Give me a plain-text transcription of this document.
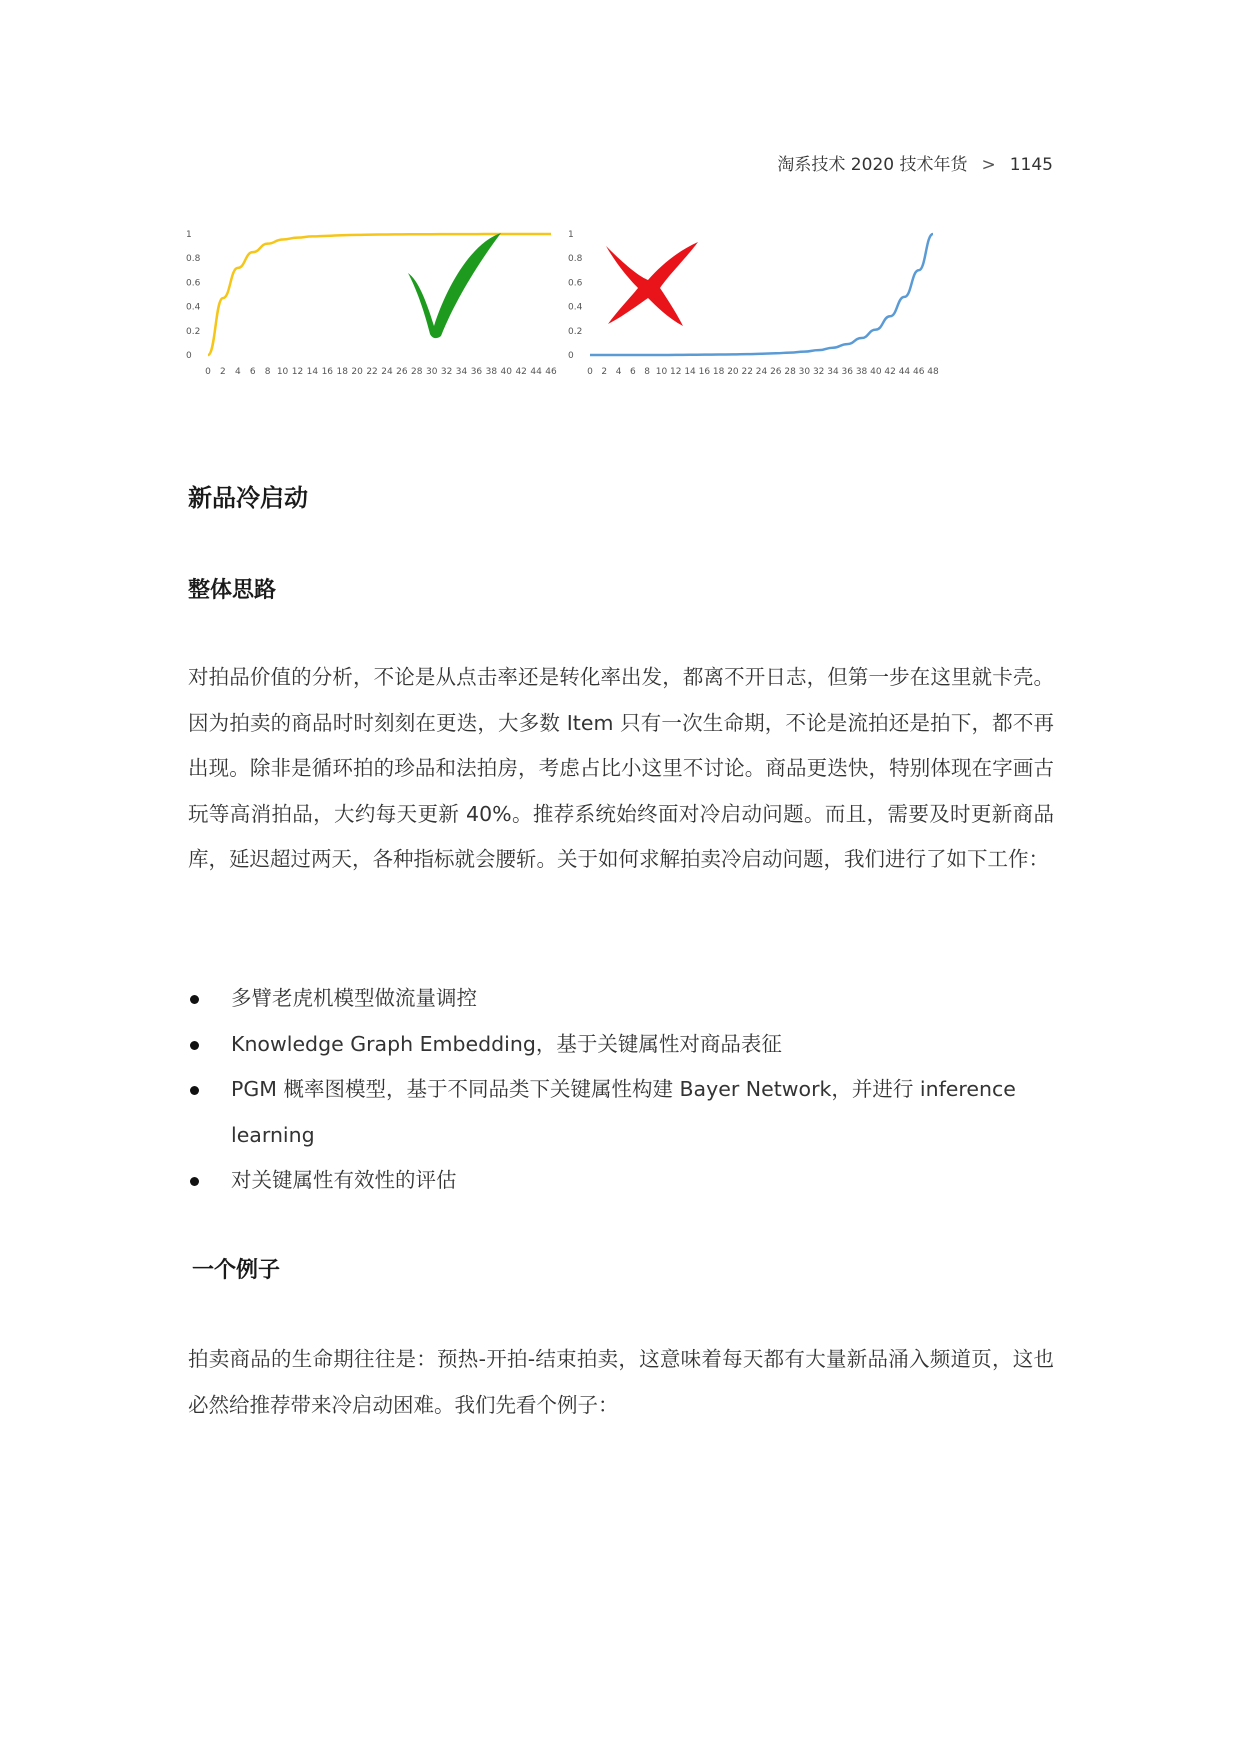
淘系技术 2020 技术年货 > 1145
0
0.2
0.4
0.6
0.8
1
0 2 4 6 8 10 12 14 16 18 20 22 24 26 28 30 32 34 36 38 40 42 44 46
0
0.2
0.4
0.6
0.8
1
0 2 4 6 8 10 12 14 16 18 20 22 24 26 28 30 32 34 36 38 40 42 44 46 48
新品冷启动
整体思路

对拍品价值的分析，不论是从点击率还是转化率出发，都离不开日志，但第一步在这里就卡壳。因为拍卖的商品时时刻刻在更迭，大多数 Item 只有一次生命期，不论是流拍还是拍下，都不再出现。除非是循环拍的珍品和法拍房，考虑占比小这里不讨论。商品更迭快，特别体现在字画古玩等高消拍品，大约每天更新 40%。推荐系统始终面对冷启动问题。而且，需要及时更新商品库，延迟超过两天，各种指标就会腰斩。关于如何求解拍卖冷启动问题，我们进行了如下工作：

多臂老虎机模型做流量调控
Knowledge Graph Embedding，基于关键属性对商品表征
PGM 概率图模型，基于不同品类下关键属性构建 Bayer Network，并进行 inference learning
对关键属性有效性的评估
一个例子

拍卖商品的生命期往往是：预热-开拍-结束拍卖，这意味着每天都有大量新品涌入频道页，这也必然给推荐带来冷启动困难。我们先看个例子：
